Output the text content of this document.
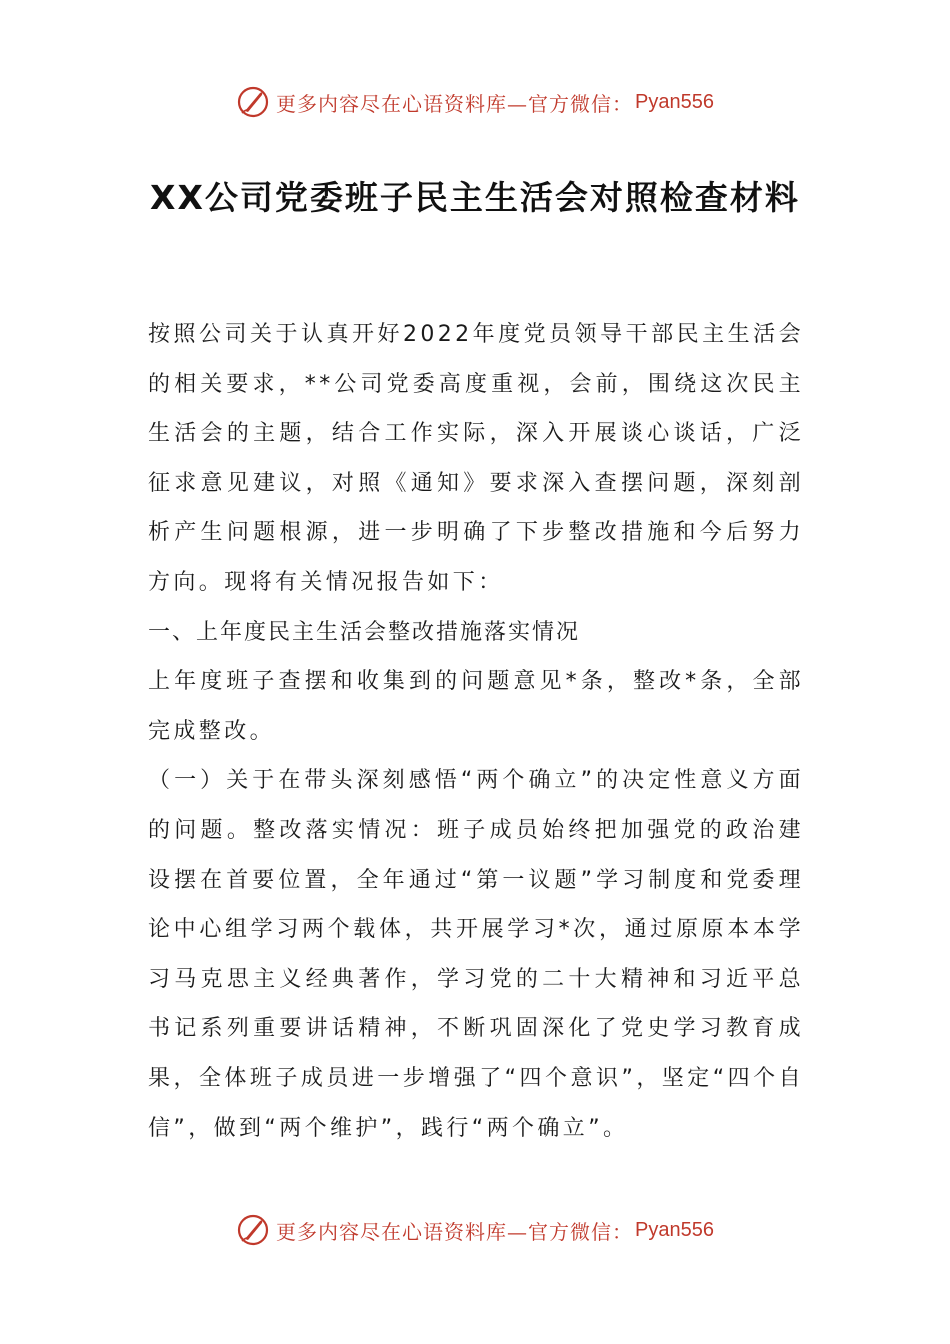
更多内容尽在心语资料库—官方微信： Pyan556
XX公司党委班子民主生活会对照检查材料

按照公司关于认真开好2022年度党员领导干部民主生活会的相关要求，**公司党委高度重视，会前，围绕这次民主生活会的主题，结合工作实际，深入开展谈心谈话，广泛征求意见建议，对照《通知》要求深入查摆问题，深刻剖析产生问题根源，进一步明确了下步整改措施和今后努力方向。现将有关情况报告如下：

一、上年度民主生活会整改措施落实情况

上年度班子查摆和收集到的问题意见*条，整改*条，全部完成整改。

（一）关于在带头深刻感悟“两个确立”的决定性意义方面的问题。整改落实情况：班子成员始终把加强党的政治建设摆在首要位置，全年通过“第一议题”学习制度和党委理论中心组学习两个载体，共开展学习*次，通过原原本本学习马克思主义经典著作，学习党的二十大精神和习近平总书记系列重要讲话精神，不断巩固深化了党史学习教育成果，全体班子成员进一步增强了“四个意识”，坚定“四个自信”，做到“两个维护”，践行“两个确立”。

更多内容尽在心语资料库—官方微信： Pyan556
